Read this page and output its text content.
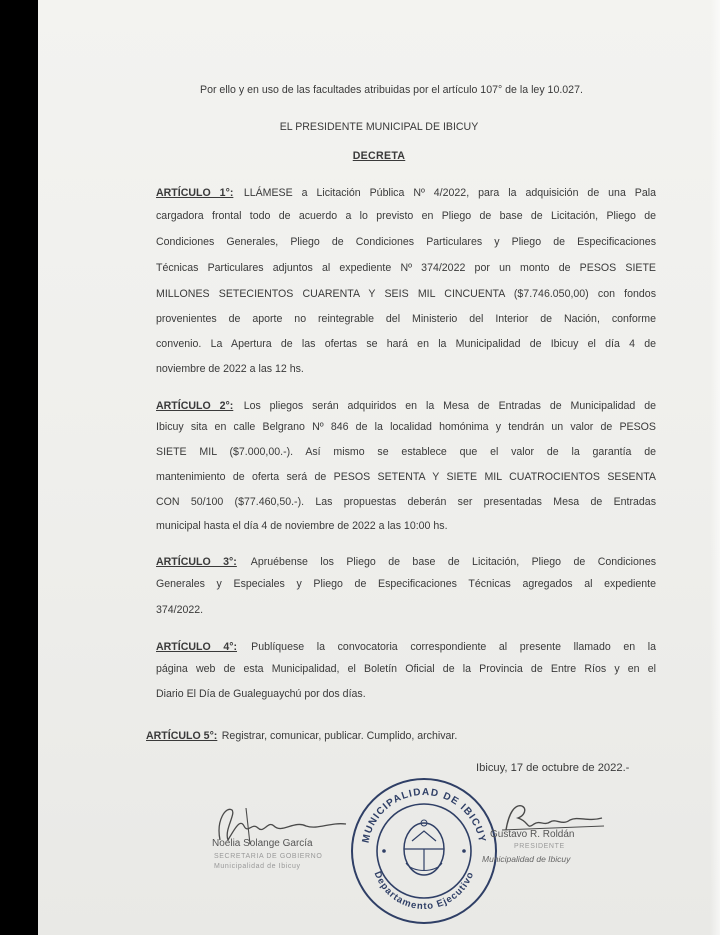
Por ello y en uso de las facultades atribuidas por el artículo 107° de la ley 10.027.
EL PRESIDENTE MUNICIPAL DE IBICUY
DECRETA
ARTÍCULO 1°: LLÁMESE a Licitación Pública Nº 4/2022, para la adquisición de una Pala
cargadora frontal todo de acuerdo a lo previsto en Pliego de base de Licitación, Pliego de
Condiciones Generales, Pliego de Condiciones Particulares y Pliego de Especificaciones
Técnicas Particulares adjuntos al expediente Nº 374/2022 por un monto de PESOS SIETE
MILLONES SETECIENTOS CUARENTA Y SEIS MIL CINCUENTA ($7.746.050,00) con fondos
provenientes de aporte no reintegrable del Ministerio del Interior de Nación, conforme
convenio. La Apertura de las ofertas se hará en la Municipalidad de Ibicuy el día 4 de
noviembre de 2022 a las 12 hs.
ARTÍCULO 2°: Los pliegos serán adquiridos en la Mesa de Entradas de Municipalidad de
Ibicuy sita en calle Belgrano Nº 846 de la localidad homónima y tendrán un valor de PESOS
SIETE MIL ($7.000,00.-). Así mismo se establece que el valor de la garantía de
mantenimiento de oferta será de PESOS SETENTA Y SIETE MIL CUATROCIENTOS SESENTA
CON 50/100 ($77.460,50.-). Las propuestas deberán ser presentadas Mesa de Entradas
municipal hasta el día 4 de noviembre de 2022 a las 10:00 hs.
ARTÍCULO 3°: Apruébense los Pliego de base de Licitación, Pliego de Condiciones
Generales y Especiales y Pliego de Especificaciones Técnicas agregados al expediente
374/2022.
ARTÍCULO 4°: Publíquese la convocatoria correspondiente al presente llamado en la
página web de esta Municipalidad, el Boletín Oficial de la Provincia de Entre Ríos y en el
Diario El Día de Gualeguaychú por dos días.
ARTÍCULO 5°: Registrar, comunicar, publicar. Cumplido, archivar.
Ibicuy, 17 de octubre de 2022.-
Noelia Solange García
SECRETARIA DE GOBIERNO
Municipalidad de Ibicuy
MUNICIPALIDAD DE IBICUY
Departamento Ejecutivo
Gustavo R. Roldán
PRESIDENTE
Municipalidad de Ibicuy
